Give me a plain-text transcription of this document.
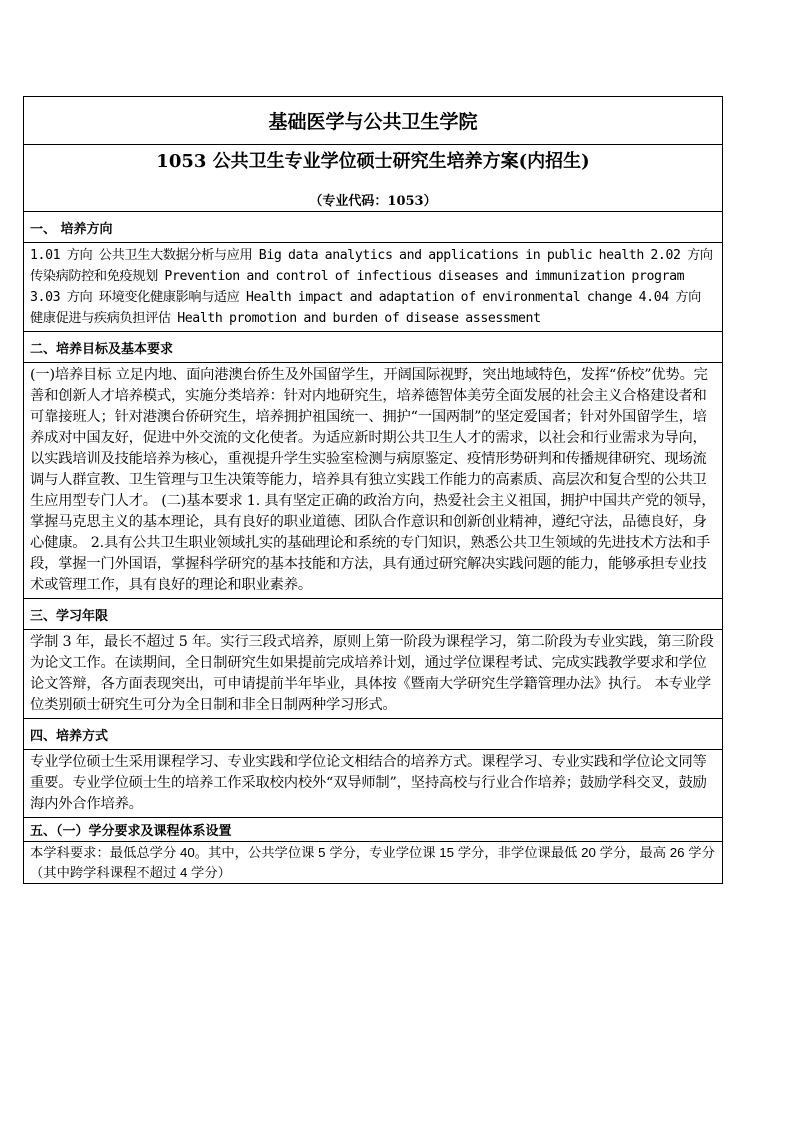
基础医学与公共卫生学院

1053 公共卫生专业学位硕士研究生培养方案(内招生)
（专业代码：1053）

一、 培养方向
1.01 方向 公共卫生大数据分析与应用 Big data analytics and applications in public health 2.02 方向 传染病防控和免疫规划 Prevention and control of infectious diseases and immunization program 3.03 方向 环境变化健康影响与适应 Health impact and adaptation of environmental change 4.04 方向 健康促进与疾病负担评估 Health promotion and burden of disease assessment
二、培养目标及基本要求
(一)培养目标 立足内地、面向港澳台侨生及外国留学生，开阔国际视野，突出地域特色，发挥“侨校”优势。完善和创新人才培养模式，实施分类培养：针对内地研究生，培养德智体美劳全面发展的社会主义合格建设者和可靠接班人；针对港澳台侨研究生，培养拥护祖国统一、拥护“一国两制”的坚定爱国者；针对外国留学生，培养成对中国友好，促进中外交流的文化使者。为适应新时期公共卫生人才的需求，以社会和行业需求为导向，以实践培训及技能培养为核心，重视提升学生实验室检测与病原鉴定、疫情形势研判和传播规律研究、现场流调与人群宣教、卫生管理与卫生决策等能力，培养具有独立实践工作能力的高素质、高层次和复合型的公共卫生应用型专门人才。 (二)基本要求 1. 具有坚定正确的政治方向，热爱社会主义祖国，拥护中国共产党的领导，掌握马克思主义的基本理论，具有良好的职业道德、团队合作意识和创新创业精神，遵纪守法，品德良好，身心健康。 2.具有公共卫生职业领域扎实的基础理论和系统的专门知识，熟悉公共卫生领域的先进技术方法和手段，掌握一门外国语，掌握科学研究的基本技能和方法，具有通过研究解决实践问题的能力，能够承担专业技术或管理工作，具有良好的理论和职业素养。
三、学习年限
学制 3 年，最长不超过 5 年。实行三段式培养，原则上第一阶段为课程学习，第二阶段为专业实践，第三阶段为论文工作。在读期间，全日制研究生如果提前完成培养计划，通过学位课程考试、完成实践教学要求和学位论文答辩，各方面表现突出，可申请提前半年毕业，具体按《暨南大学研究生学籍管理办法》执行。 本专业学位类别硕士研究生可分为全日制和非全日制两种学习形式。
四、培养方式
专业学位硕士生采用课程学习、专业实践和学位论文相结合的培养方式。课程学习、专业实践和学位论文同等重要。专业学位硕士生的培养工作采取校内校外“双导师制”，坚持高校与行业合作培养；鼓励学科交叉，鼓励海内外合作培养。
五、（一）学分要求及课程体系设置
本学科要求：最低总学分 40。其中，公共学位课 5 学分，专业学位课 15 学分，非学位课最低 20 学分，最高 26 学分（其中跨学科课程不超过 4 学分）
